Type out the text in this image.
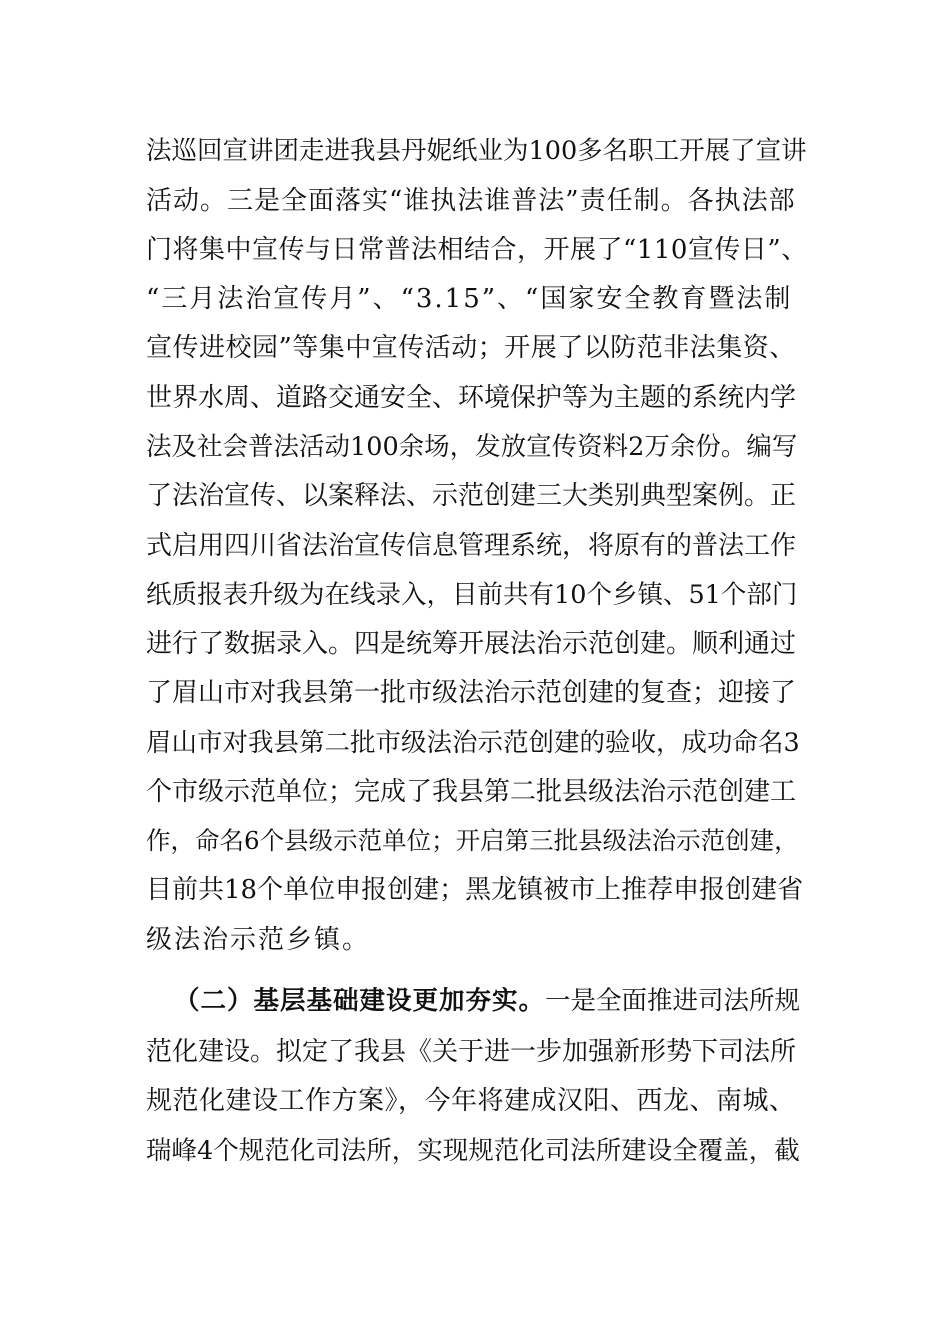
法巡回宣讲团走进我县丹妮纸业为100多名职工开展了宣讲
活动。三是全面落实“谁执法谁普法”责任制。各执法部
门将集中宣传与日常普法相结合，开展了“110宣传日”、
“三月法治宣传月”、“3.15”、“国家安全教育暨法制
宣传进校园”等集中宣传活动；开展了以防范非法集资、
世界水周、道路交通安全、环境保护等为主题的系统内学
法及社会普法活动100余场，发放宣传资料2万余份。编写
了法治宣传、以案释法、示范创建三大类别典型案例。正
式启用四川省法治宣传信息管理系统，将原有的普法工作
纸质报表升级为在线录入，目前共有10个乡镇、51个部门
进行了数据录入。四是统筹开展法治示范创建。顺利通过
了眉山市对我县第一批市级法治示范创建的复查；迎接了
眉山市对我县第二批市级法治示范创建的验收，成功命名3
个市级示范单位；完成了我县第二批县级法治示范创建工
作，命名6个县级示范单位；开启第三批县级法治示范创建，
目前共18个单位申报创建；黑龙镇被市上推荐申报创建省
级法治示范乡镇。
（二）基层基础建设更加夯实。一是全面推进司法所规
范化建设。拟定了我县《关于进一步加强新形势下司法所
规范化建设工作方案》，今年将建成汉阳、西龙、南城、
瑞峰4个规范化司法所，实现规范化司法所建设全覆盖，截
